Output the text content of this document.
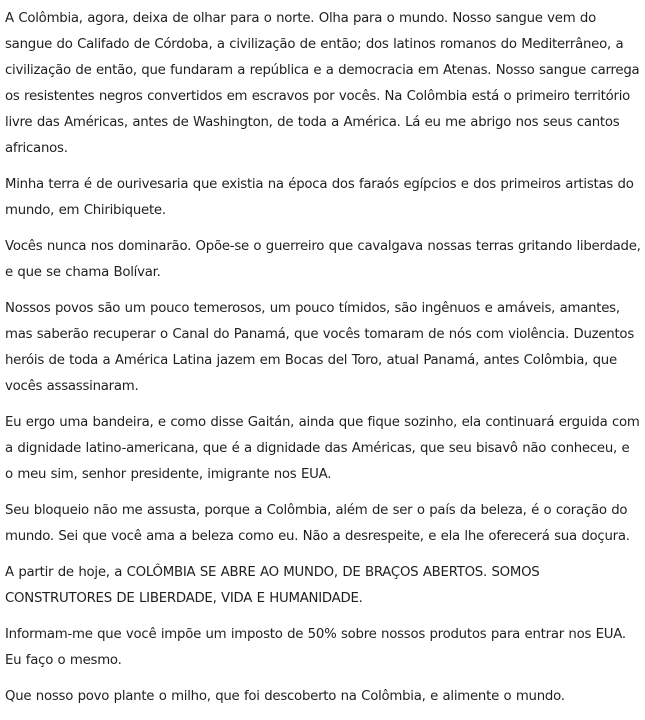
A Colômbia, agora, deixa de olhar para o norte. Olha para o mundo. Nosso sangue vem do sangue do Califado de Córdoba, a civilização de então; dos latinos romanos do Mediterrâneo, a civilização de então, que fundaram a república e a democracia em Atenas. Nosso sangue carrega os resistentes negros convertidos em escravos por vocês. Na Colômbia está o primeiro território livre das Américas, antes de Washington, de toda a América. Lá eu me abrigo nos seus cantos africanos.

Minha terra é de ourivesaria que existia na época dos faraós egípcios e dos primeiros artistas do mundo, em Chiribiquete.

Vocês nunca nos dominarão. Opõe-se o guerreiro que cavalgava nossas terras gritando liberdade, e que se chama Bolívar.

Nossos povos são um pouco temerosos, um pouco tímidos, são ingênuos e amáveis, amantes, mas saberão recuperar o Canal do Panamá, que vocês tomaram de nós com violência. Duzentos heróis de toda a América Latina jazem em Bocas del Toro, atual Panamá, antes Colômbia, que vocês assassinaram.

Eu ergo uma bandeira, e como disse Gaitán, ainda que fique sozinho, ela continuará erguida com a dignidade latino-americana, que é a dignidade das Américas, que seu bisavô não conheceu, e o meu sim, senhor presidente, imigrante nos EUA.

Seu bloqueio não me assusta, porque a Colômbia, além de ser o país da beleza, é o coração do mundo. Sei que você ama a beleza como eu. Não a desrespeite, e ela lhe oferecerá sua doçura.

A partir de hoje, a COLÔMBIA SE ABRE AO MUNDO, DE BRAÇOS ABERTOS. SOMOS CONSTRUTORES DE LIBERDADE, VIDA E HUMANIDADE.

Informam-me que você impõe um imposto de 50% sobre nossos produtos para entrar nos EUA. Eu faço o mesmo.

Que nosso povo plante o milho, que foi descoberto na Colômbia, e alimente o mundo.
